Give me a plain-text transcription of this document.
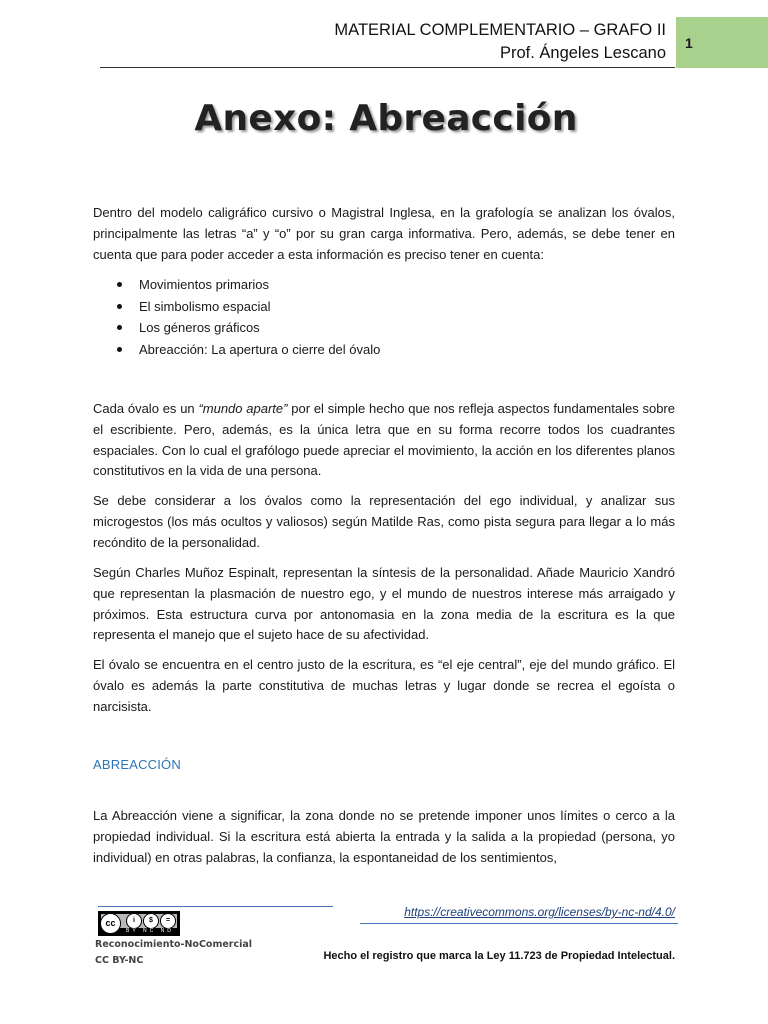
MATERIAL COMPLEMENTARIO – GRAFO II
Prof. Ángeles Lescano
1
Anexo: Abreacción

Dentro del modelo caligráfico cursivo o Magistral Inglesa, en la grafología se analizan los óvalos, principalmente las letras “a” y “o” por su gran carga informativa. Pero, además, se debe tener en cuenta que para poder acceder a esta información es preciso tener en cuenta:

Movimientos primarios
El simbolismo espacial
Los géneros gráficos
Abreacción: La apertura o cierre del óvalo

Cada óvalo es un “mundo aparte” por el simple hecho que nos refleja aspectos fundamentales sobre el escribiente. Pero, además, es la única letra que en su forma recorre todos los cuadrantes espaciales. Con lo cual el grafólogo puede apreciar el movimiento, la acción en los diferentes planos constitutivos en la vida de una persona.

Se debe considerar a los óvalos como la representación del ego individual, y analizar sus microgestos (los más ocultos y valiosos) según Matilde Ras, como pista segura para llegar a lo más recóndito de la personalidad.

Según Charles Muñoz Espinalt, representan la síntesis de la personalidad. Añade Mauricio Xandró que representan la plasmación de nuestro ego, y el mundo de nuestros interese más arraigado y próximos. Esta estructura curva por antonomasia en la zona media de la escritura es la que representa el manejo que el sujeto hace de su afectividad.

El óvalo se encuentra en el centro justo de la escritura, es “el eje central”, eje del mundo gráfico. El óvalo es además la parte constitutiva de muchas letras y lugar donde se recrea el egoísta o narcisista.

ABREACCIÓN

La Abreacción viene a significar, la zona donde no se pretende imponer unos límites o cerco a la propiedad individual. Si la escritura está abierta la entrada y la salida a la propiedad (persona, yo individual) en otras palabras, la confianza, la espontaneidad de los sentimientos,

https://creativecommons.org/licenses/by-nc-nd/4.0/
cc	i	$	=
BY NC ND
Reconocimiento-NoComercial
CC BY-NC	Hecho el registro que marca la Ley 11.723 de Propiedad Intelectual.
